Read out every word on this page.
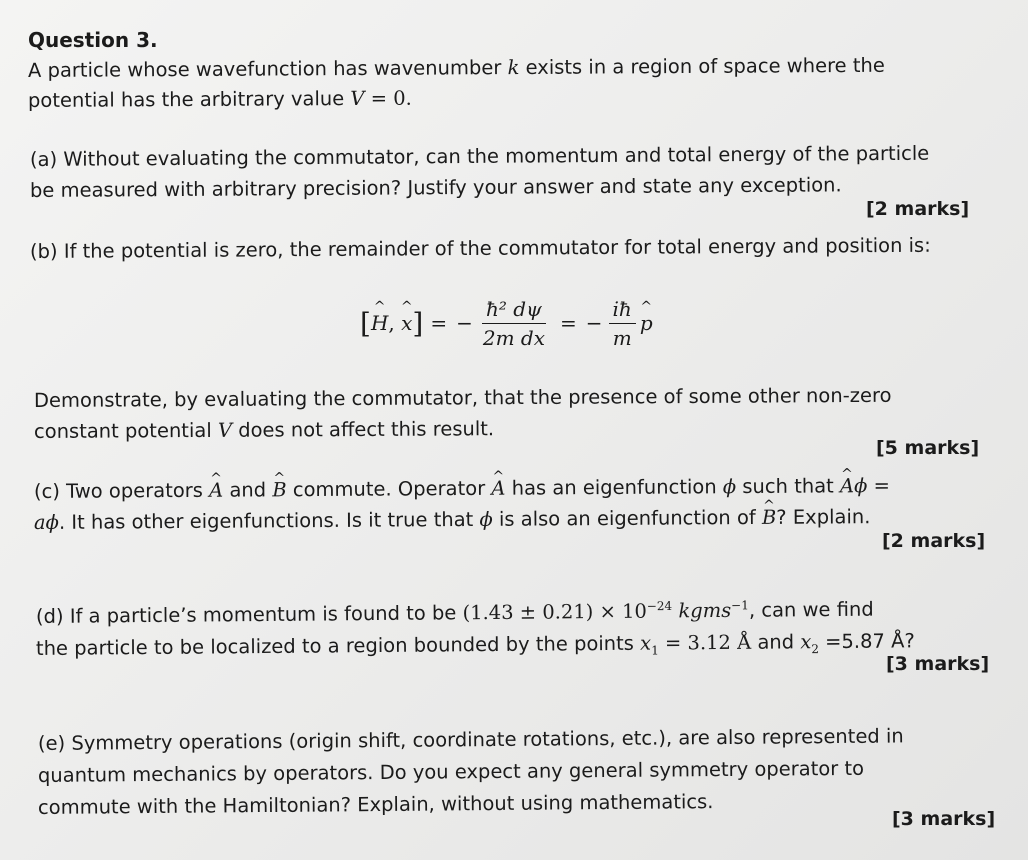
Question 3.
A particle whose wavefunction has wavenumber k exists in a region of space where the
potential has the arbitrary value V = 0.
(a) Without evaluating the commutator, can the momentum and total energy of the particle
be measured with arbitrary precision? Justify your answer and state any exception.
[2 marks]
(b) If the potential is zero, the remainder of the commutator for total energy and position is:
[ H ^ , x ^ ] = − $\frac{\text{ħ² dψ}}{\text{2m dx}}$ = − $\frac{iħ}{m}$ p ^
Demonstrate, by evaluating the commutator, that the presence of some other non-zero
constant potential V does not affect this result.
[5 marks]
(c) Two operators A ^ and B ^ commute. Operator A ^ has an eigenfunction ϕ such that A ^ϕ =
aϕ. It has other eigenfunctions. Is it true that ϕ is also an eigenfunction of B ^? Explain.
[2 marks]
(d) If a particle’s momentum is found to be $(1.43 \pm 0.21) \times 10^{-24}$ kgms$^{-1}$, can we find
the particle to be localized to a region bounded by the points $x_1 = 3.12$ Å and $x_2 =5.87$ Å?
[3 marks]
(e) Symmetry operations (origin shift, coordinate rotations, etc.), are also represented in
quantum mechanics by operators. Do you expect any general symmetry operator to
commute with the Hamiltonian? Explain, without using mathematics.
[3 marks]
